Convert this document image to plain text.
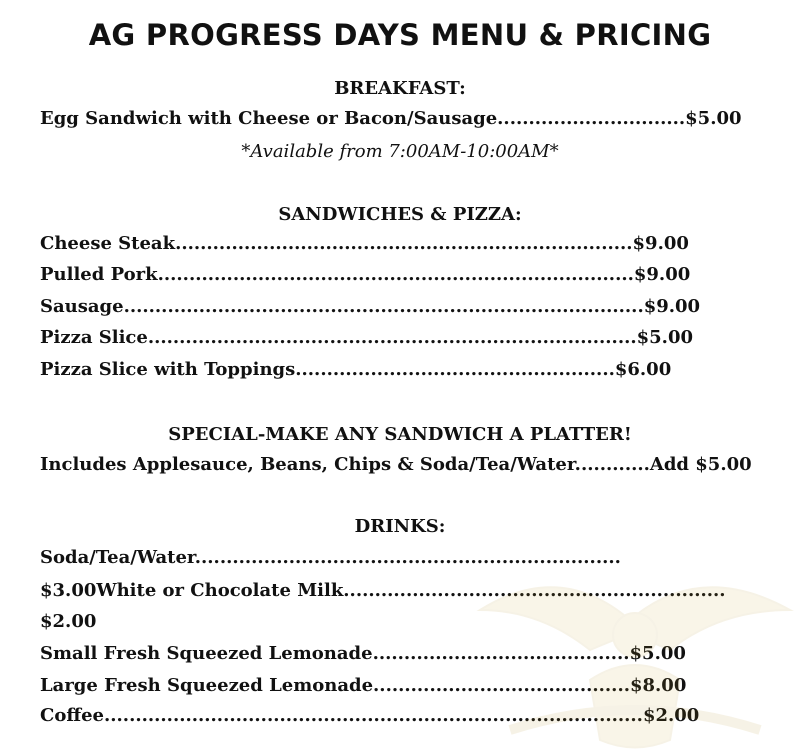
AG PROGRESS DAYS MENU & PRICING
BREAKFAST:
Egg Sandwich with Cheese or Bacon/Sausage..............................$5.00
*Available from 7:00AM-10:00AM*
SANDWICHES & PIZZA:
Cheese Steak.........................................................................$9.00
Pulled Pork............................................................................$9.00
Sausage...................................................................................$9.00
Pizza Slice..............................................................................$5.00
Pizza Slice with Toppings...................................................$6.00
SPECIAL-MAKE ANY SANDWICH A PLATTER!
Includes Applesauce, Beans, Chips & Soda/Tea/Water............Add $5.00
DRINKS:
Soda/Tea/Water....................................................................
$3.00White or Chocolate Milk.............................................................
$2.00
Small Fresh Squeezed Lemonade.........................................$5.00
Large Fresh Squeezed Lemonade.........................................$8.00
Coffee......................................................................................$2.00
